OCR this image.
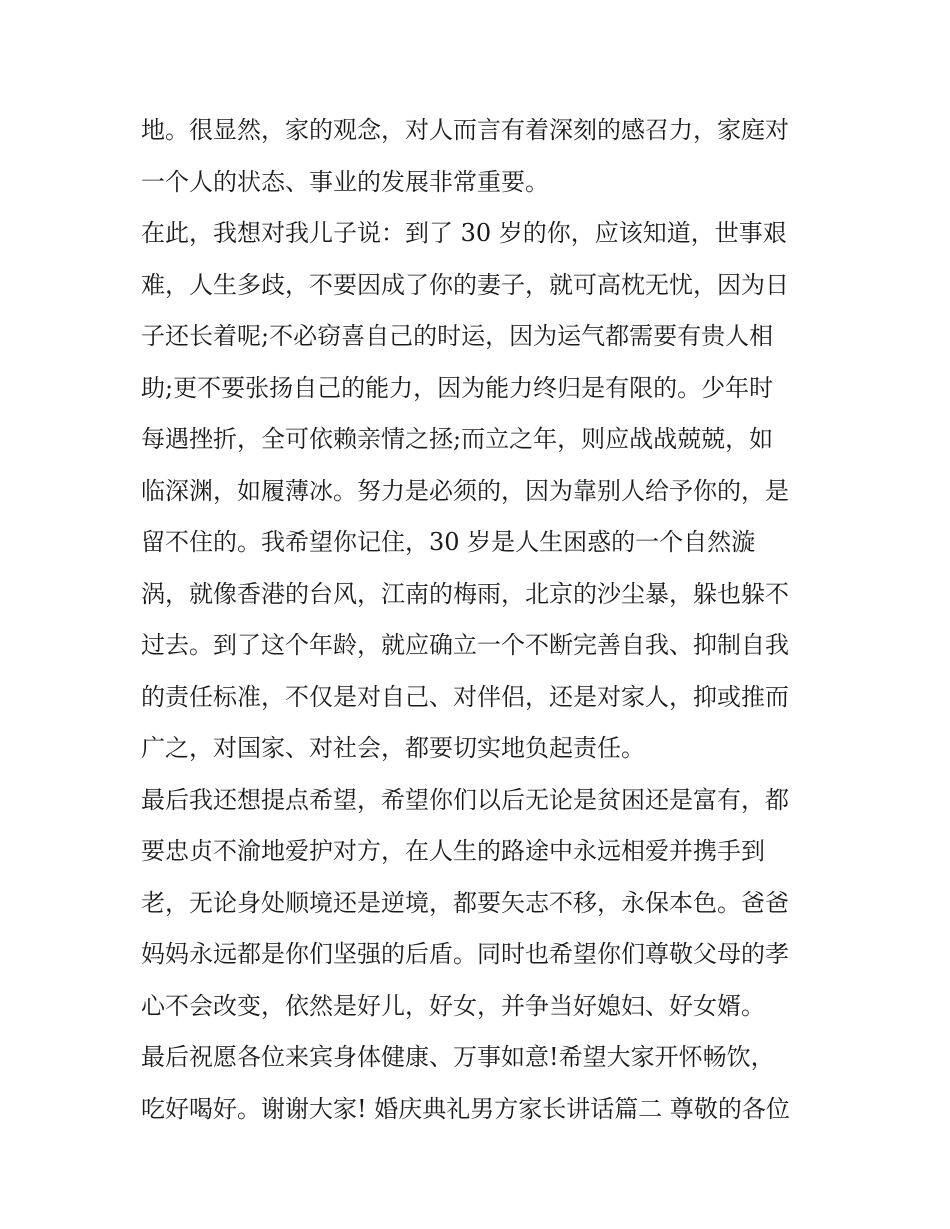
地。很显然，家的观念，对人而言有着深刻的感召力，家庭对
一个人的状态、事业的发展非常重要。
在此，我想对我儿子说：到了 30 岁的你，应该知道，世事艰
难，人生多歧，不要因成了你的妻子，就可高枕无忧，因为日
子还长着呢;不必窃喜自己的时运，因为运气都需要有贵人相
助;更不要张扬自己的能力，因为能力终归是有限的。少年时
每遇挫折，全可依赖亲情之拯;而立之年，则应战战兢兢，如
临深渊，如履薄冰。努力是必须的，因为靠别人给予你的，是
留不住的。我希望你记住，30 岁是人生困惑的一个自然漩
涡，就像香港的台风，江南的梅雨，北京的沙尘暴，躲也躲不
过去。到了这个年龄，就应确立一个不断完善自我、抑制自我
的责任标准，不仅是对自己、对伴侣，还是对家人，抑或推而
广之，对国家、对社会，都要切实地负起责任。
最后我还想提点希望，希望你们以后无论是贫困还是富有，都
要忠贞不渝地爱护对方，在人生的路途中永远相爱并携手到
老，无论身处顺境还是逆境，都要矢志不移，永保本色。爸爸
妈妈永远都是你们坚强的后盾。同时也希望你们尊敬父母的孝
心不会改变，依然是好儿，好女，并争当好媳妇、好女婿。
最后祝愿各位来宾身体健康、万事如意!希望大家开怀畅饮，
吃好喝好。谢谢大家! 婚庆典礼男方家长讲话篇二 尊敬的各位
